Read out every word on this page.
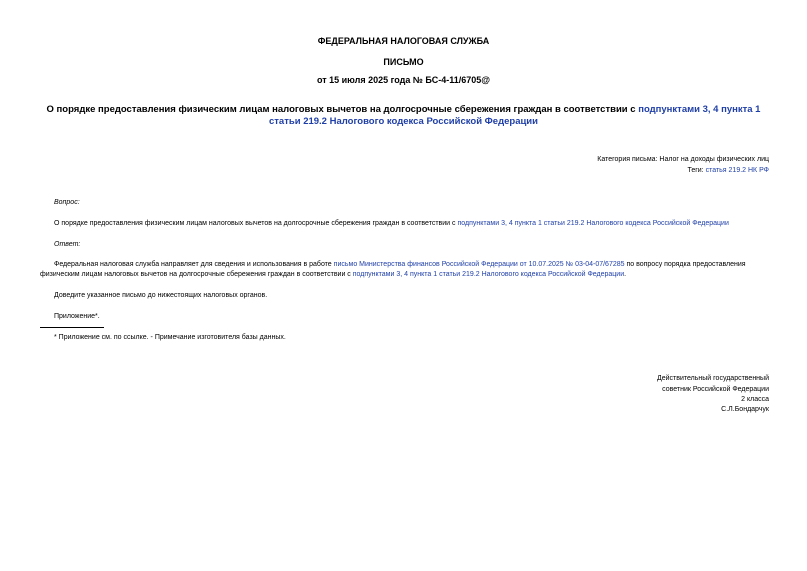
ФЕДЕРАЛЬНАЯ НАЛОГОВАЯ СЛУЖБА
ПИСЬМО
от 15 июля 2025 года № БС-4-11/6705@
О порядке предоставления физическим лицам налоговых вычетов на долгосрочные сбережения граждан в соответствии с подпунктами 3, 4 пункта 1 статьи 219.2 Налогового кодекса Российской Федерации
Категория письма: Налог на доходы физических лиц
Теги: статья 219.2 НК РФ
Вопрос:
О порядке предоставления физическим лицам налоговых вычетов на долгосрочные сбережения граждан в соответствии с подпунктами 3, 4 пункта 1 статьи 219.2 Налогового кодекса Российской Федерации
Ответ:
Федеральная налоговая служба направляет для сведения и использования в работе письмо Министерства финансов Российской Федерации от 10.07.2025 № 03-04-07/67285 по вопросу порядка предоставления физическим лицам налоговых вычетов на долгосрочные сбережения граждан в соответствии с подпунктами 3, 4 пункта 1 статьи 219.2 Налогового кодекса Российской Федерации.
Доведите указанное письмо до нижестоящих налоговых органов.
Приложение*.
* Приложение см. по ссылке. - Примечание изготовителя базы данных.
Действительный государственный
советник Российской Федерации
2 класса
С.Л.Бондарчук
